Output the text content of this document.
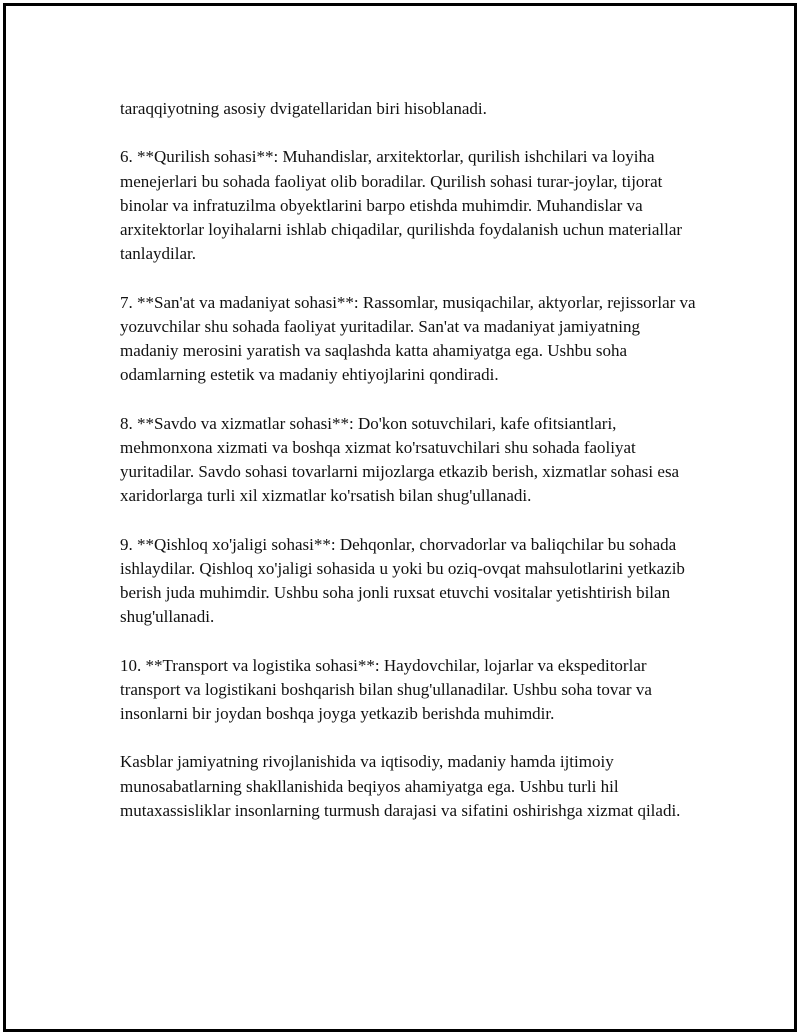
taraqqiyotning asosiy dvigatellaridan biri hisoblanadi.

6. **Qurilish sohasi**: Muhandislar, arxitektorlar, qurilish ishchilari va loyiha menejerlari bu sohada faoliyat olib boradilar. Qurilish sohasi turar-joylar, tijorat binolar va infratuzilma obyektlarini barpo etishda muhimdir. Muhandislar va arxitektorlar loyihalarni ishlab chiqadilar, qurilishda foydalanish uchun materiallar tanlaydilar.

7. **San'at va madaniyat sohasi**: Rassomlar, musiqachilar, aktyorlar, rejissorlar va yozuvchilar shu sohada faoliyat yuritadilar. San'at va madaniyat jamiyatning madaniy merosini yaratish va saqlashda katta ahamiyatga ega. Ushbu soha odamlarning estetik va madaniy ehtiyojlarini qondiradi.

8. **Savdo va xizmatlar sohasi**: Do'kon sotuvchilari, kafe ofitsiantlari, mehmonxona xizmati va boshqa xizmat ko'rsatuvchilari shu sohada faoliyat yuritadilar. Savdo sohasi tovarlarni mijozlarga etkazib berish, xizmatlar sohasi esa xaridorlarga turli xil xizmatlar ko'rsatish bilan shug'ullanadi.

9. **Qishloq xo'jaligi sohasi**: Dehqonlar, chorvadorlar va baliqchilar bu sohada ishlaydilar. Qishloq xo'jaligi sohasida u yoki bu oziq-ovqat mahsulotlarini yetkazib berish juda muhimdir. Ushbu soha jonli ruxsat etuvchi vositalar yetishtirish bilan shug'ullanadi.

10. **Transport va logistika sohasi**: Haydovchilar, lojarlar va ekspeditorlar transport va logistikani boshqarish bilan shug'ullanadilar. Ushbu soha tovar va insonlarni bir joydan boshqa joyga yetkazib berishda muhimdir.

Kasblar jamiyatning rivojlanishida va iqtisodiy, madaniy hamda ijtimoiy munosabatlarning shakllanishida beqiyos ahamiyatga ega. Ushbu turli hil mutaxassisliklar insonlarning turmush darajasi va sifatini oshirishga xizmat qiladi.
